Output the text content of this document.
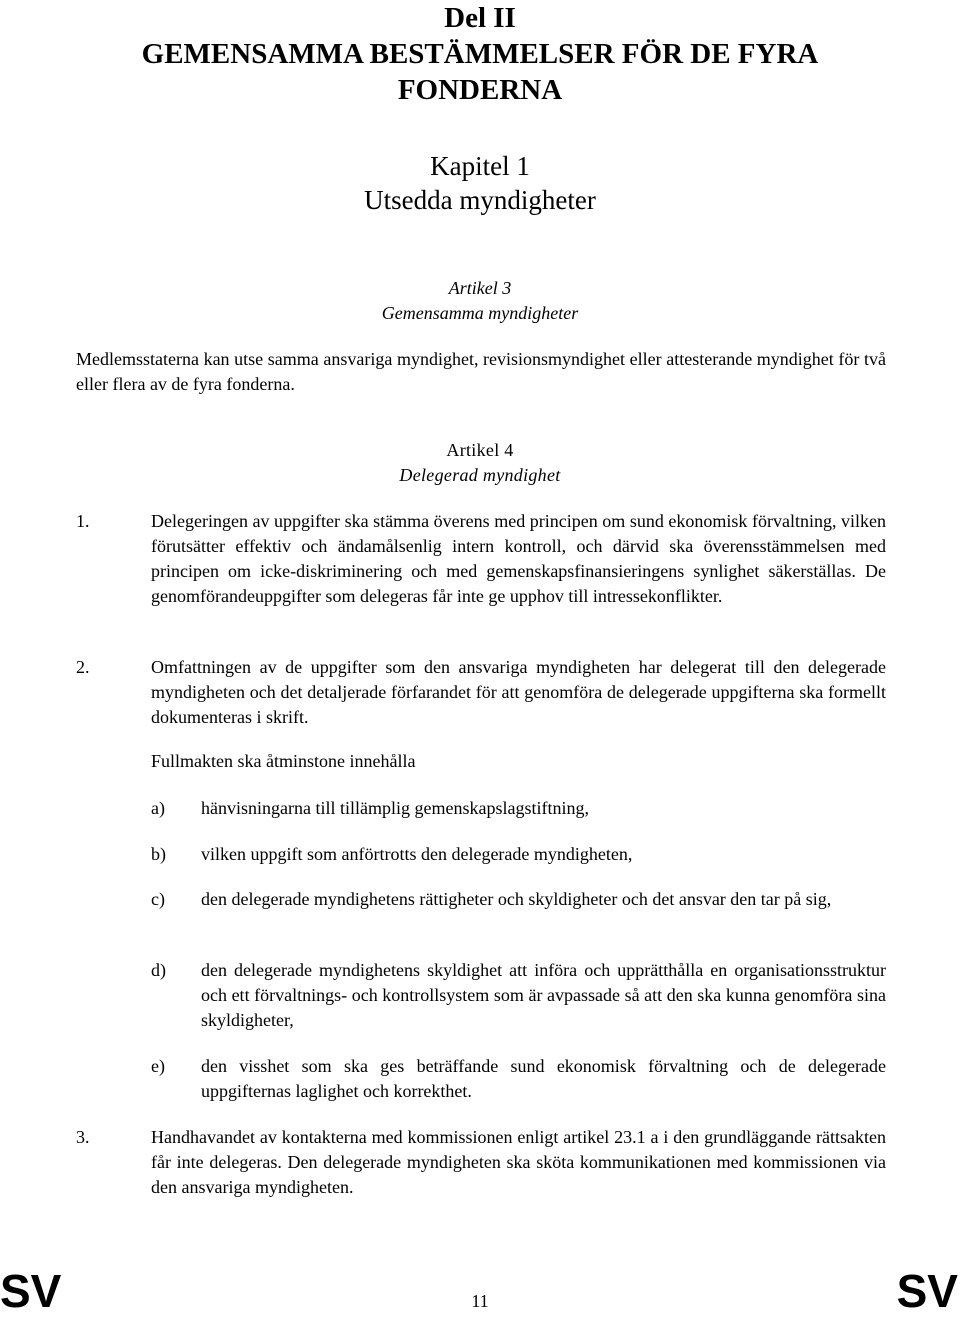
Del II
GEMENSAMMA BESTÄMMELSER FÖR DE FYRA
FONDERNA
Kapitel 1
Utsedda myndigheter
Artikel 3
Gemensamma myndigheter
Medlemsstaterna kan utse samma ansvariga myndighet, revisionsmyndighet eller attesterande myndighet för två eller flera av de fyra fonderna.
Artikel 4
Delegerad myndighet
1.	Delegeringen av uppgifter ska stämma överens med principen om sund ekonomisk förvaltning, vilken förutsätter effektiv och ändamålsenlig intern kontroll, och därvid ska överensstämmelsen med principen om icke-diskriminering och med gemenskapsfinansieringens synlighet säkerställas. De genomförandeuppgifter som delegeras får inte ge upphov till intressekonflikter.
2.	Omfattningen av de uppgifter som den ansvariga myndigheten har delegerat till den delegerade myndigheten och det detaljerade förfarandet för att genomföra de delegerade uppgifterna ska formellt dokumenteras i skrift.
Fullmakten ska åtminstone innehålla
a) hänvisningarna till tillämplig gemenskapslagstiftning,
b) vilken uppgift som anförtrotts den delegerade myndigheten,
c) den delegerade myndighetens rättigheter och skyldigheter och det ansvar den tar på sig,
d) den delegerade myndighetens skyldighet att införa och upprätthålla en organisationsstruktur och ett förvaltnings- och kontrollsystem som är avpassade så att den ska kunna genomföra sina skyldigheter,
e) den visshet som ska ges beträffande sund ekonomisk förvaltning och de delegerade uppgifternas laglighet och korrekthet.
3.	Handhavandet av kontakterna med kommissionen enligt artikel 23.1 a i den grundläggande rättsakten får inte delegeras. Den delegerade myndigheten ska sköta kommunikationen med kommissionen via den ansvariga myndigheten.
SV	11	SV
